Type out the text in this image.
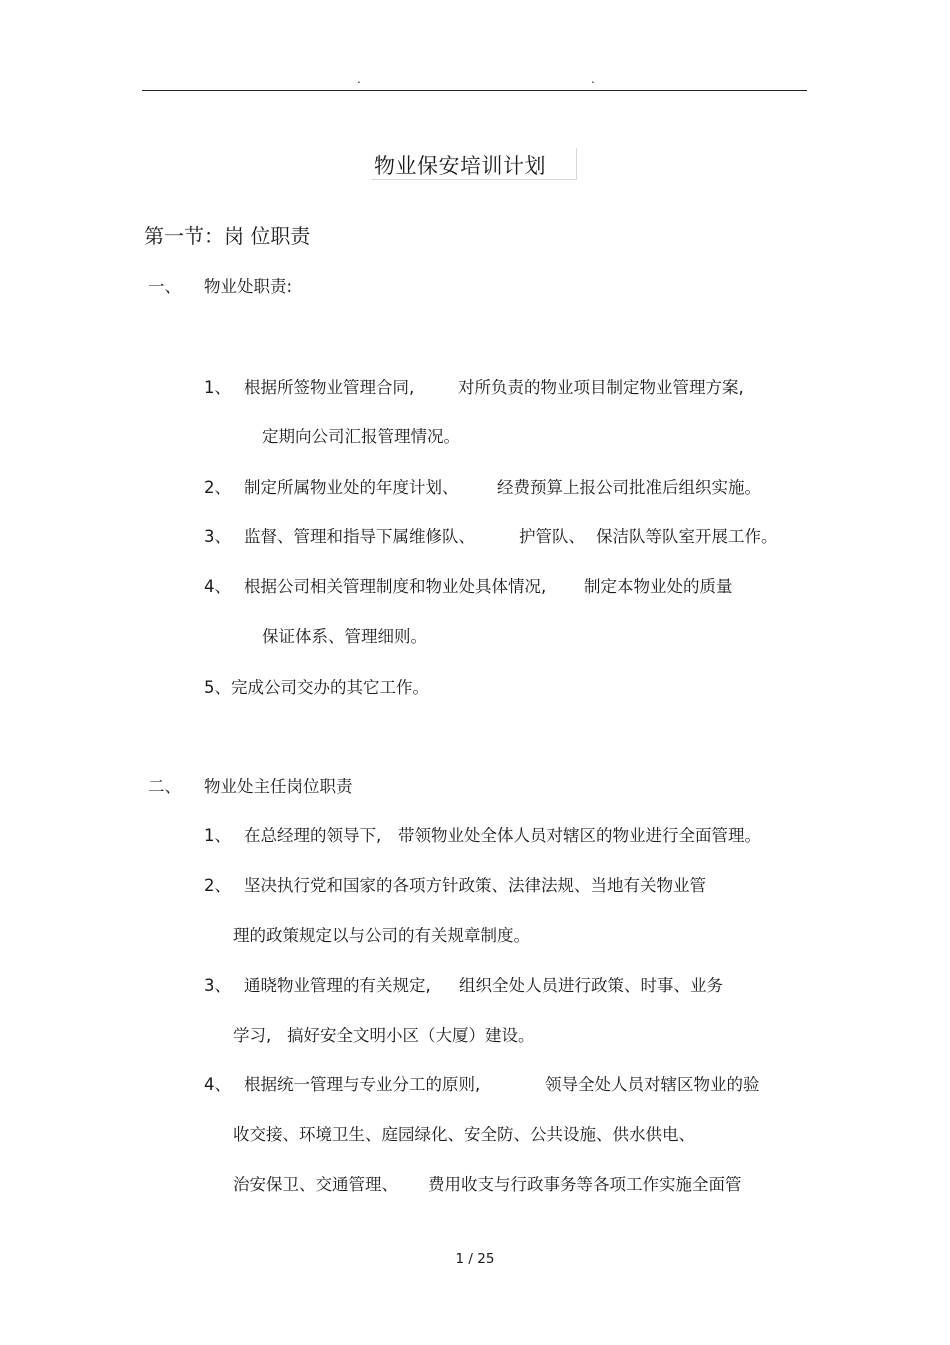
.	.
物业保安培训计划
第一节：岗 位职责
一、 物业处职责:
1、 根据所签物业管理合同,	对所负责的物业项目制定物业管理方案,
定期向公司汇报管理情况。
2、 制定所属物业处的年度计划、 经费预算上报公司批准后组织实施。
3、 监督、管理和指导下属维修队、	护管队、 保洁队等队室开展工作。
4、 根据公司相关管理制度和物业处具体情况, 制定本物业处的质量
保证体系、管理细则。
5、完成公司交办的其它工作。
二、 物业处主任岗位职责
1、 在总经理的领导下, 带领物业处全体人员对辖区的物业进行全面管理。
2、 坚决执行党和国家的各项方针政策、法律法规、当地有关物业管
理的政策规定以与公司的有关规章制度。
3、 通晓物业管理的有关规定, 组织全处人员进行政策、时事、业务
学习, 搞好安全文明小区（大厦）建设。
4、 根据统一管理与专业分工的原则,	领导全处人员对辖区物业的验
收交接、环境卫生、庭园绿化、安全防、公共设施、供水供电、
治安保卫、交通管理、 费用收支与行政事务等各项工作实施全面管
1 / 25
